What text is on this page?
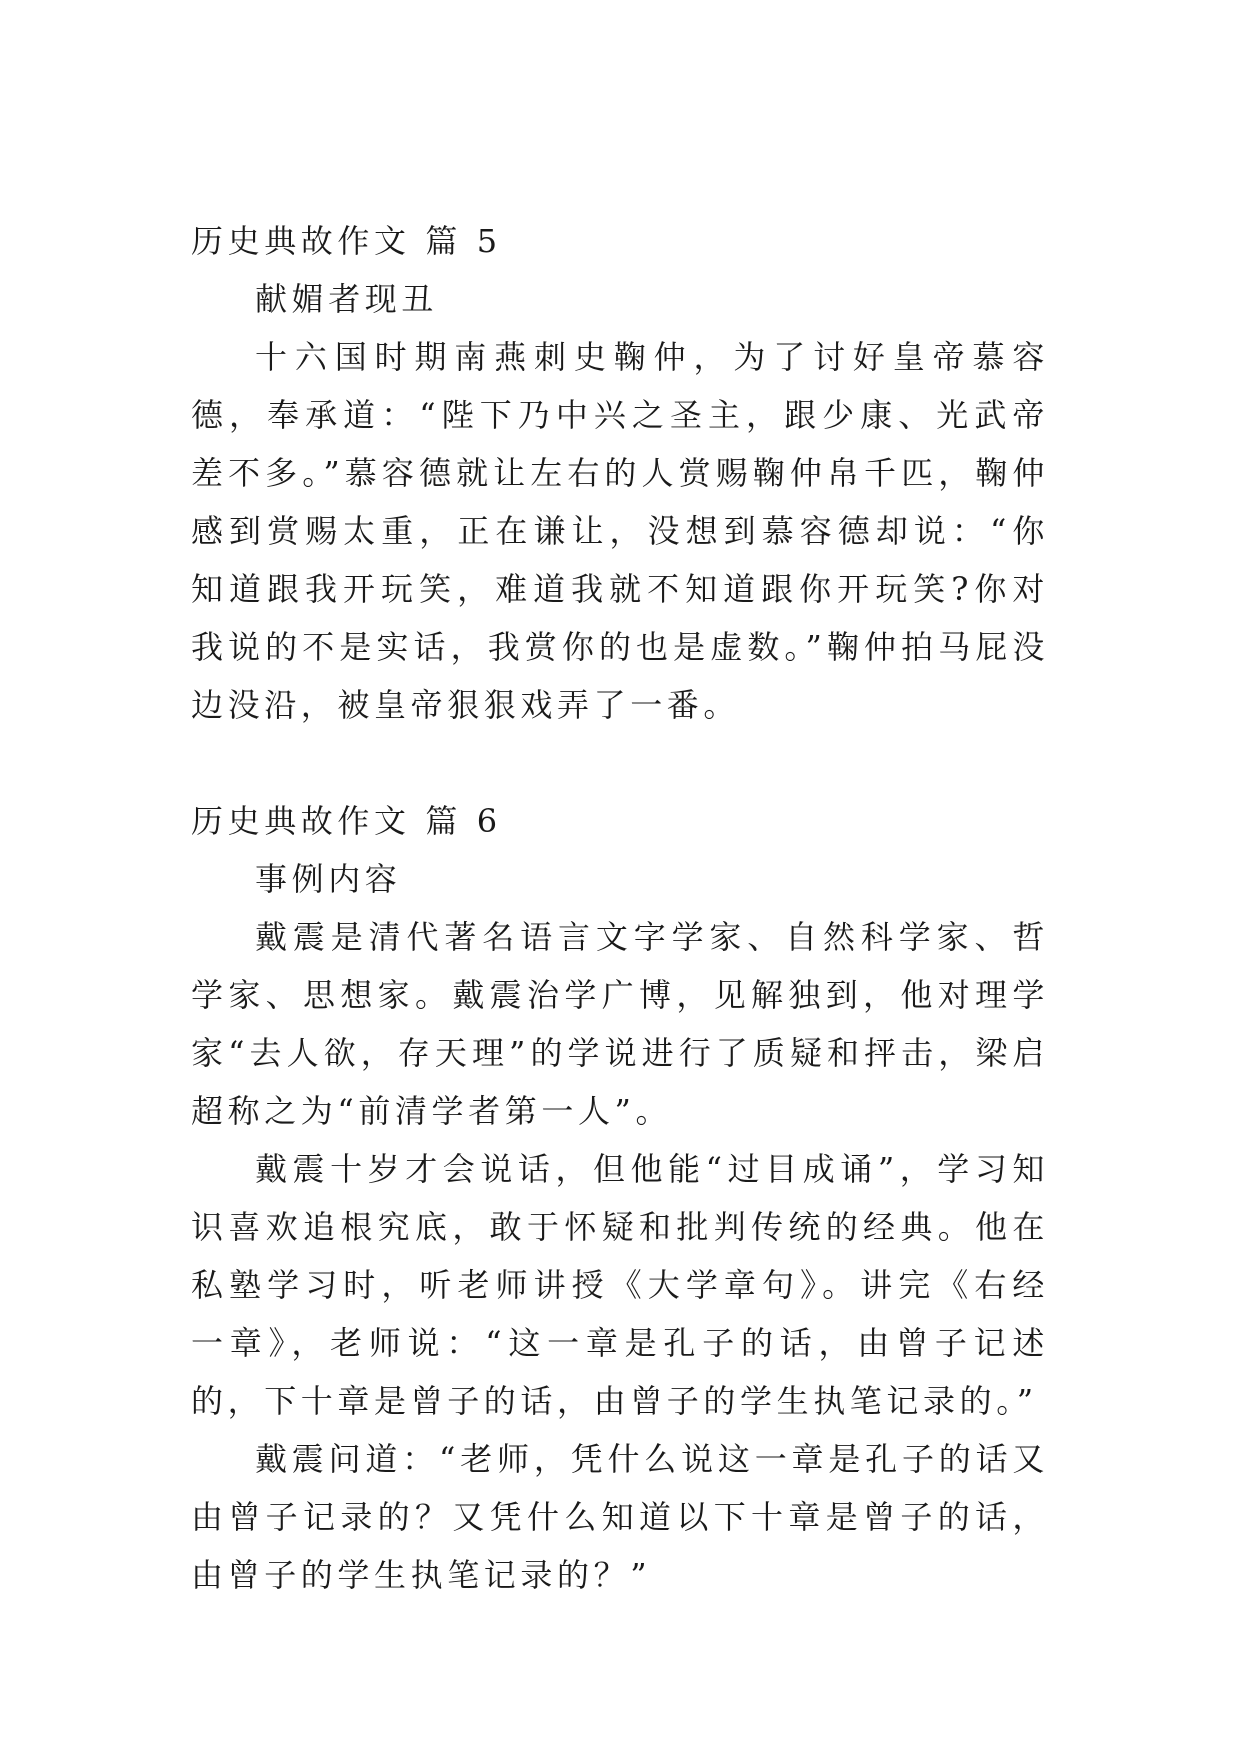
历史典故作文 篇 5

献媚者现丑

十六国时期南燕刺史鞠仲，为了讨好皇帝慕容德，奉承道：“陛下乃中兴之圣主，跟少康、光武帝差不多。”慕容德就让左右的人赏赐鞠仲帛千匹，鞠仲感到赏赐太重，正在谦让，没想到慕容德却说：“你知道跟我开玩笑，难道我就不知道跟你开玩笑?你对我说的不是实话，我赏你的也是虚数。”鞠仲拍马屁没边没沿，被皇帝狠狠戏弄了一番。

历史典故作文 篇 6

事例内容

戴震是清代著名语言文字学家、自然科学家、哲学家、思想家。戴震治学广博，见解独到，他对理学家“去人欲，存天理”的学说进行了质疑和抨击，梁启超称之为“前清学者第一人”。

戴震十岁才会说话，但他能“过目成诵”，学习知识喜欢追根究底，敢于怀疑和批判传统的经典。他在私塾学习时，听老师讲授《大学章句》。讲完《右经一章》，老师说：“这一章是孔子的话，由曾子记述的，下十章是曾子的话，由曾子的学生执笔记录的。”

戴震问道：“老师，凭什么说这一章是孔子的话又由曾子记录的？又凭什么知道以下十章是曾子的话，由曾子的学生执笔记录的？”
